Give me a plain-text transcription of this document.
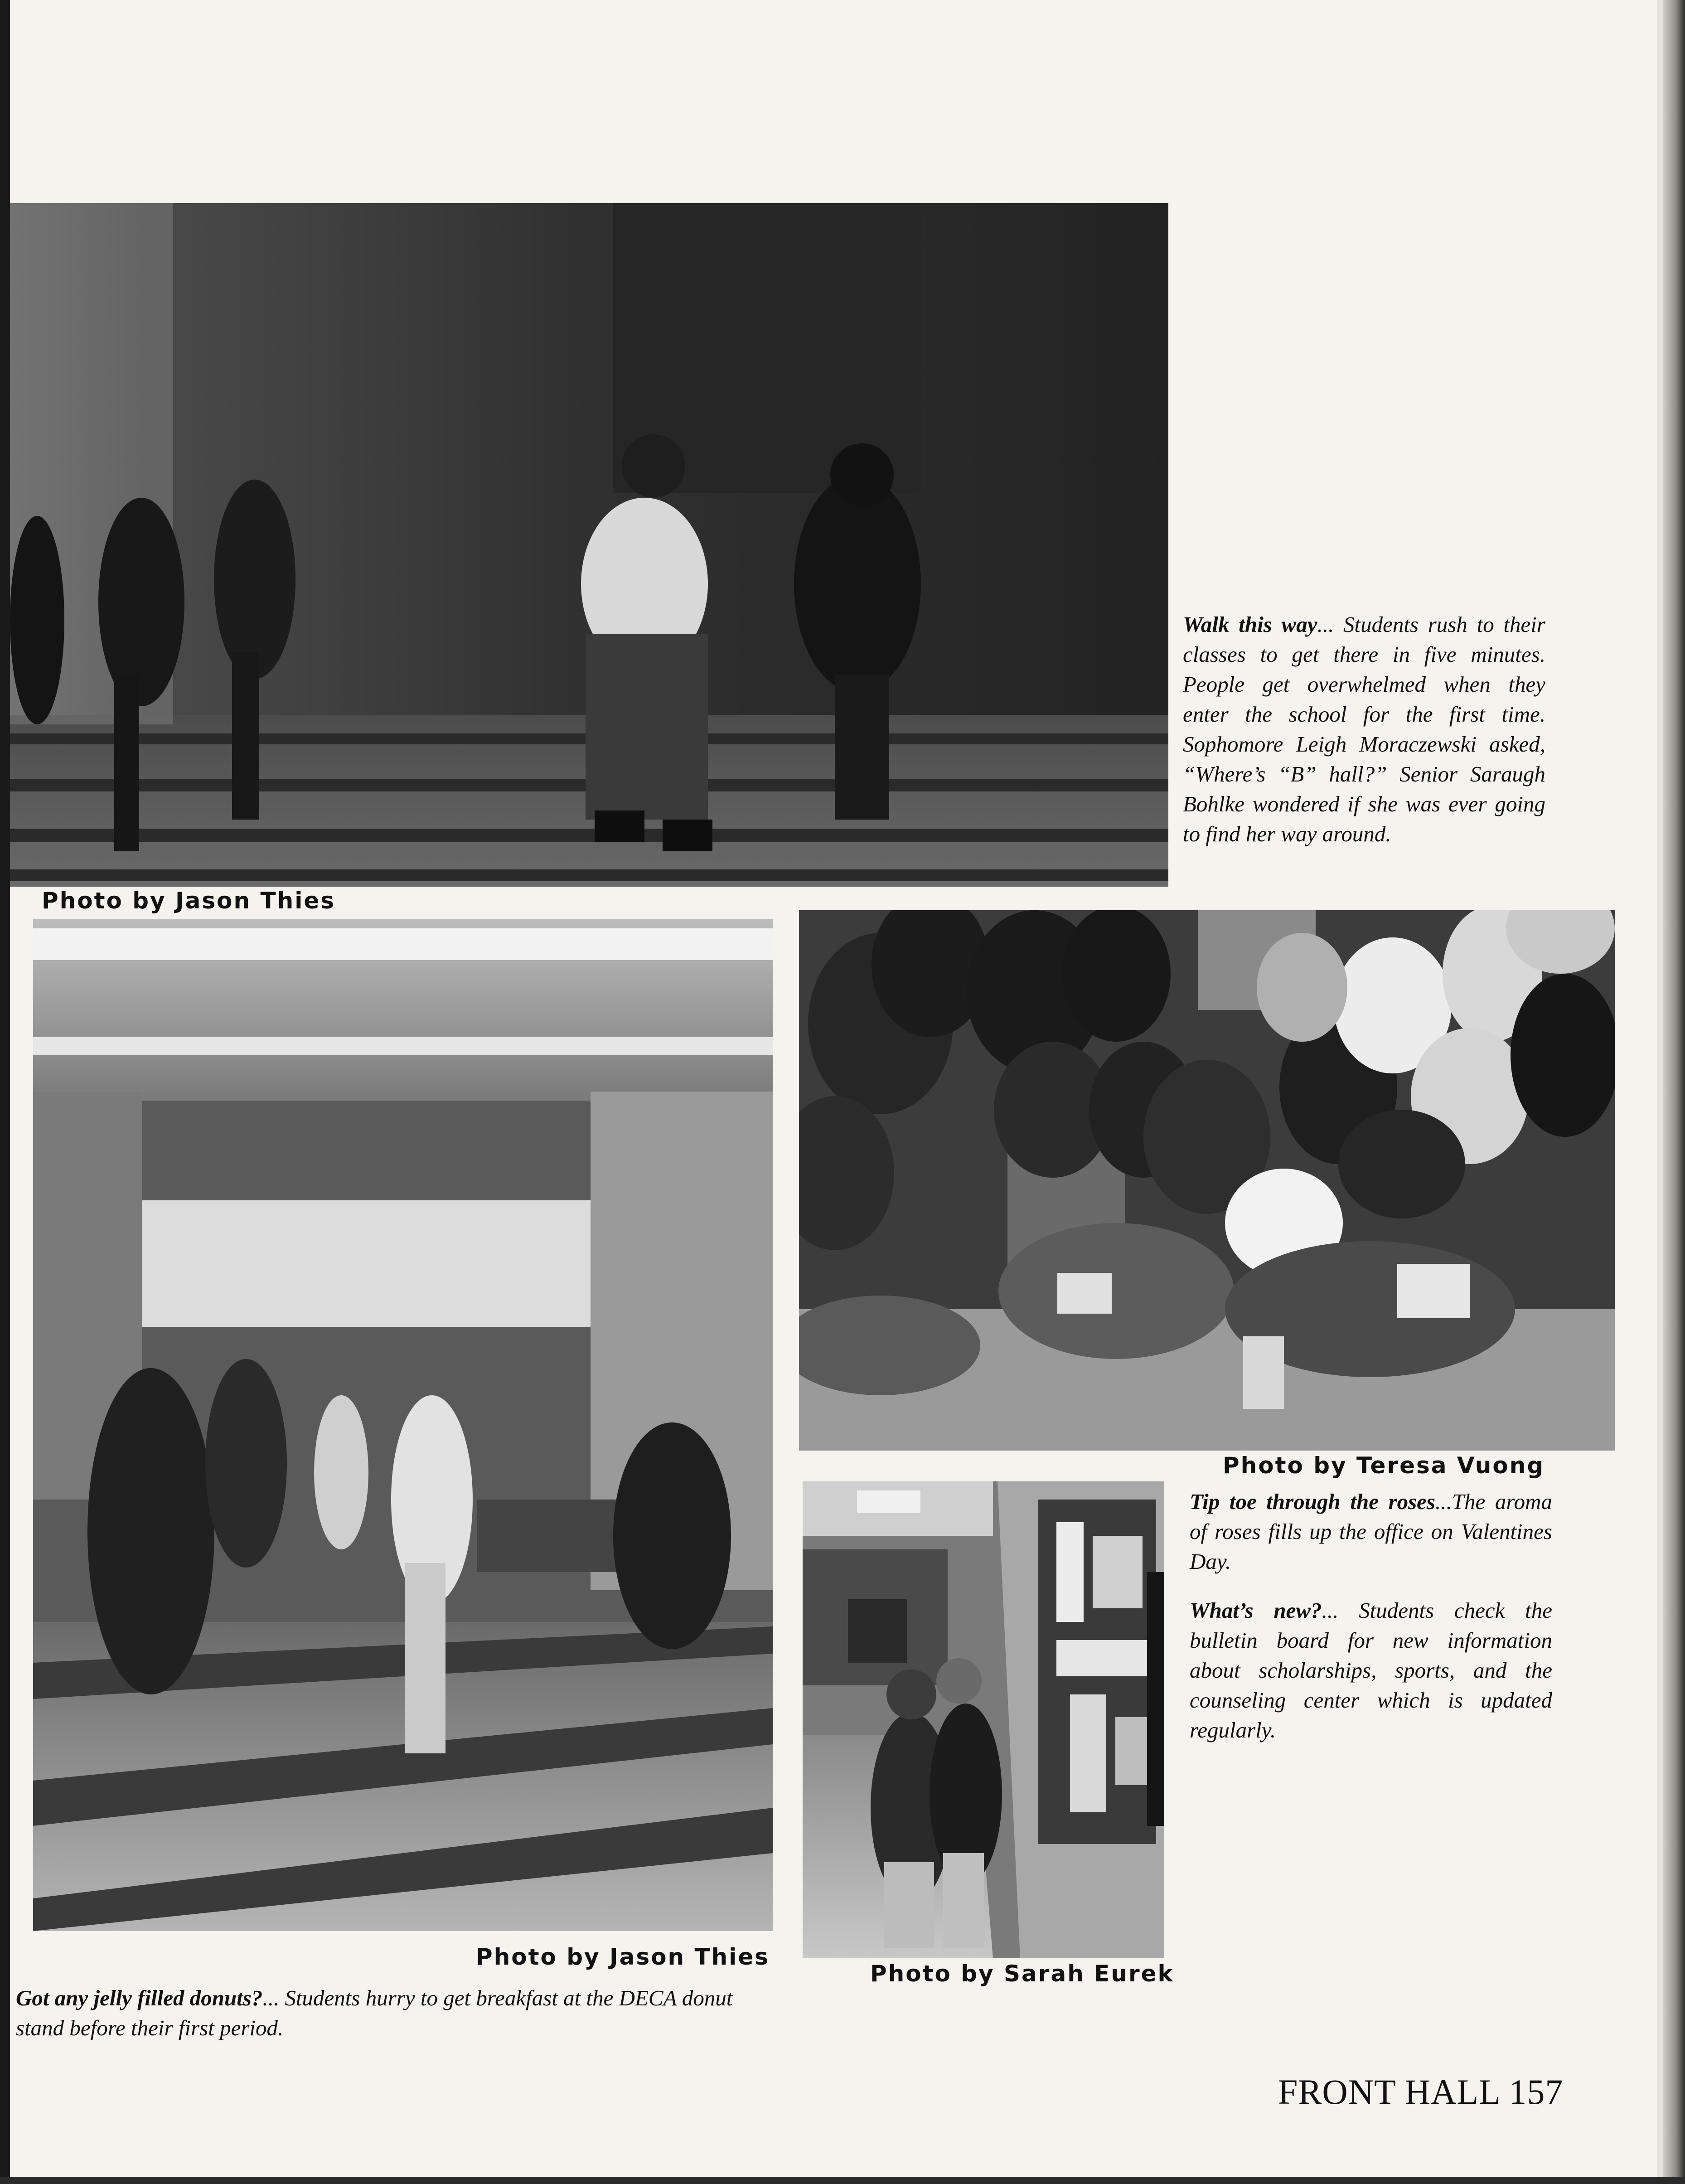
Photo by Jason Thies

Walk this way... Students rush to their classes to get there in five minutes. People get overwhelmed when they enter the school for the first time. Sophomore Leigh Moraczewski asked, “Where’s “B” hall?” Senior Saraugh Bohlke wondered if she was ever going to find her way around.

Photo by Jason Thies

Got any jelly filled donuts?... Students hurry to get breakfast at the DECA donut stand before their first period.

Photo by Teresa Vuong

Tip toe through the roses...The aroma of roses fills up the office on Valentines Day.

Photo by Sarah Eurek

What’s new?... Students check the bulletin board for new information about scholarships, sports, and the counseling center which is updated regularly.

FRONT HALL 157
